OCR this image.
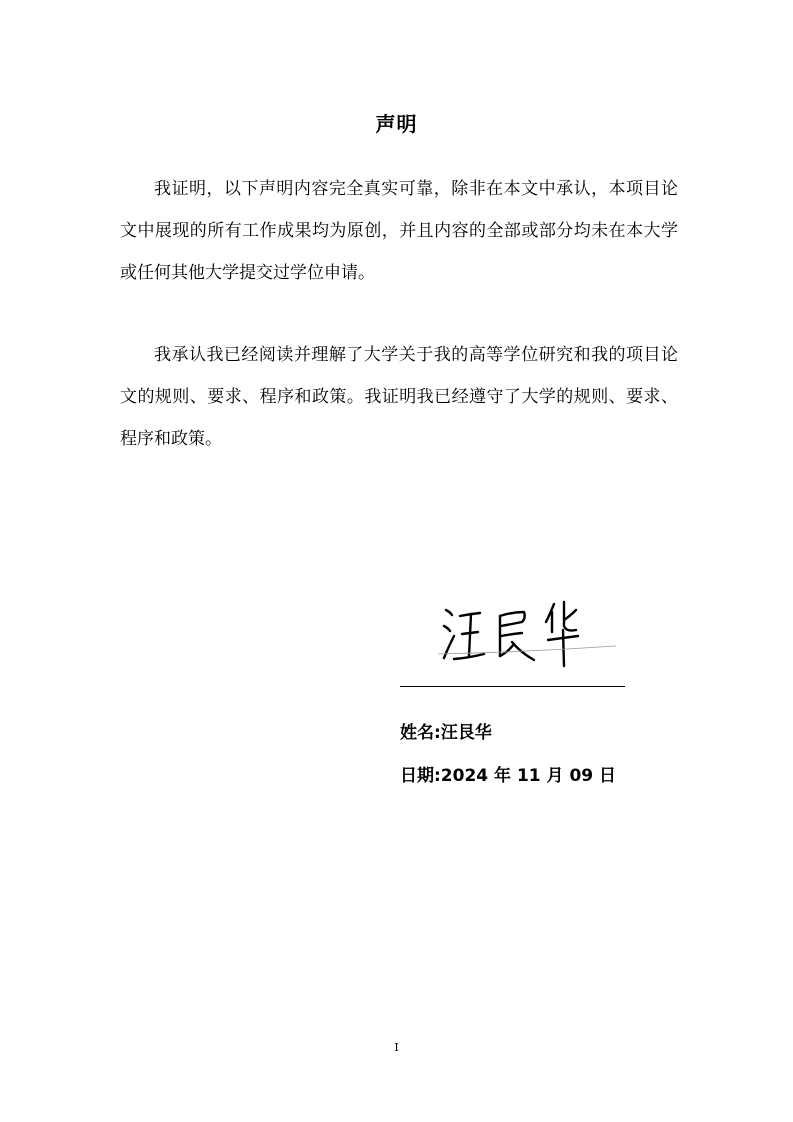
声明
我证明，以下声明内容完全真实可靠，除非在本文中承认，本项目论文中展现的所有工作成果均为原创，并且内容的全部或部分均未在本大学或任何其他大学提交过学位申请。
我承认我已经阅读并理解了大学关于我的高等学位研究和我的项目论文的规则、要求、程序和政策。我证明我已经遵守了大学的规则、要求、程序和政策。
姓名:汪艮华
日期:2024 年 11 月 09 日
I
